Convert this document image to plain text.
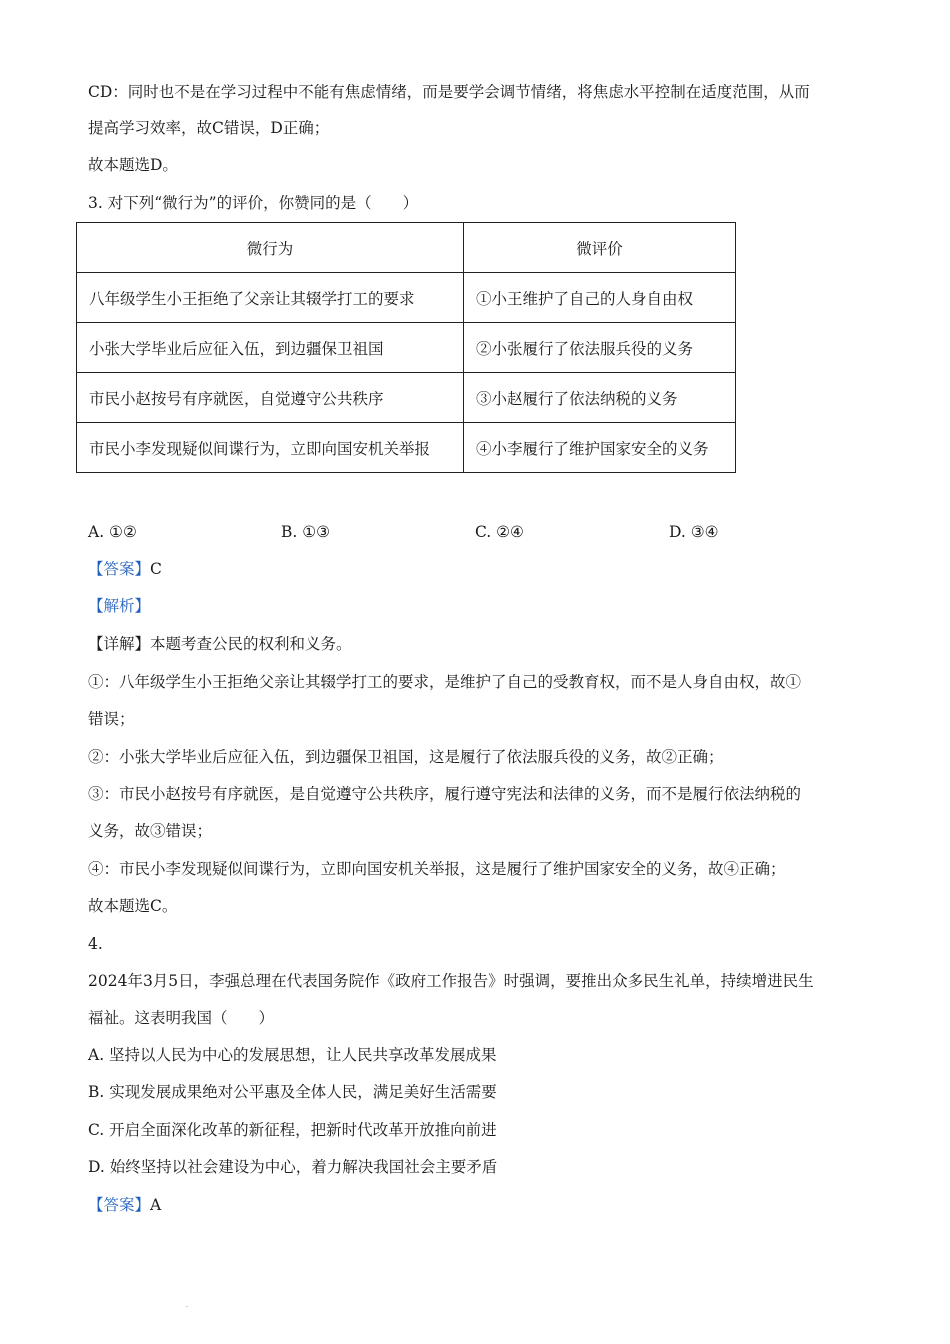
CD：同时也不是在学习过程中不能有焦虑情绪，而是要学会调节情绪，将焦虑水平控制在适度范围，从而
提高学习效率，故C错误，D正确；
故本题选D。
3. 对下列“微行为”的评价，你赞同的是（　　）
微行为	微评价
八年级学生小王拒绝了父亲让其辍学打工的要求	①小王维护了自己的人身自由权
小张大学毕业后应征入伍，到边疆保卫祖国	②小张履行了依法服兵役的义务
市民小赵按号有序就医，自觉遵守公共秩序	③小赵履行了依法纳税的义务
市民小李发现疑似间谍行为，立即向国安机关举报	④小李履行了维护国家安全的义务
A. ①②	B. ①③	C. ②④	D. ③④
【答案】C
【解析】
【详解】本题考查公民的权利和义务。
①：八年级学生小王拒绝父亲让其辍学打工的要求，是维护了自己的受教育权，而不是人身自由权，故①
错误；
②：小张大学毕业后应征入伍，到边疆保卫祖国，这是履行了依法服兵役的义务，故②正确；
③：市民小赵按号有序就医，是自觉遵守公共秩序，履行遵守宪法和法律的义务，而不是履行依法纳税的
义务，故③错误；
④：市民小李发现疑似间谍行为，立即向国安机关举报，这是履行了维护国家安全的义务，故④正确；
故本题选C。
4.
2024年3月5日，李强总理在代表国务院作《政府工作报告》时强调，要推出众多民生礼单，持续增进民生
福祉。这表明我国（　　）
A. 坚持以人民为中心的发展思想，让人民共享改革发展成果
B. 实现发展成果绝对公平惠及全体人民，满足美好生活需要
C. 开启全面深化改革的新征程，把新时代改革开放推向前进
D. 始终坚持以社会建设为中心，着力解决我国社会主要矛盾
【答案】A
